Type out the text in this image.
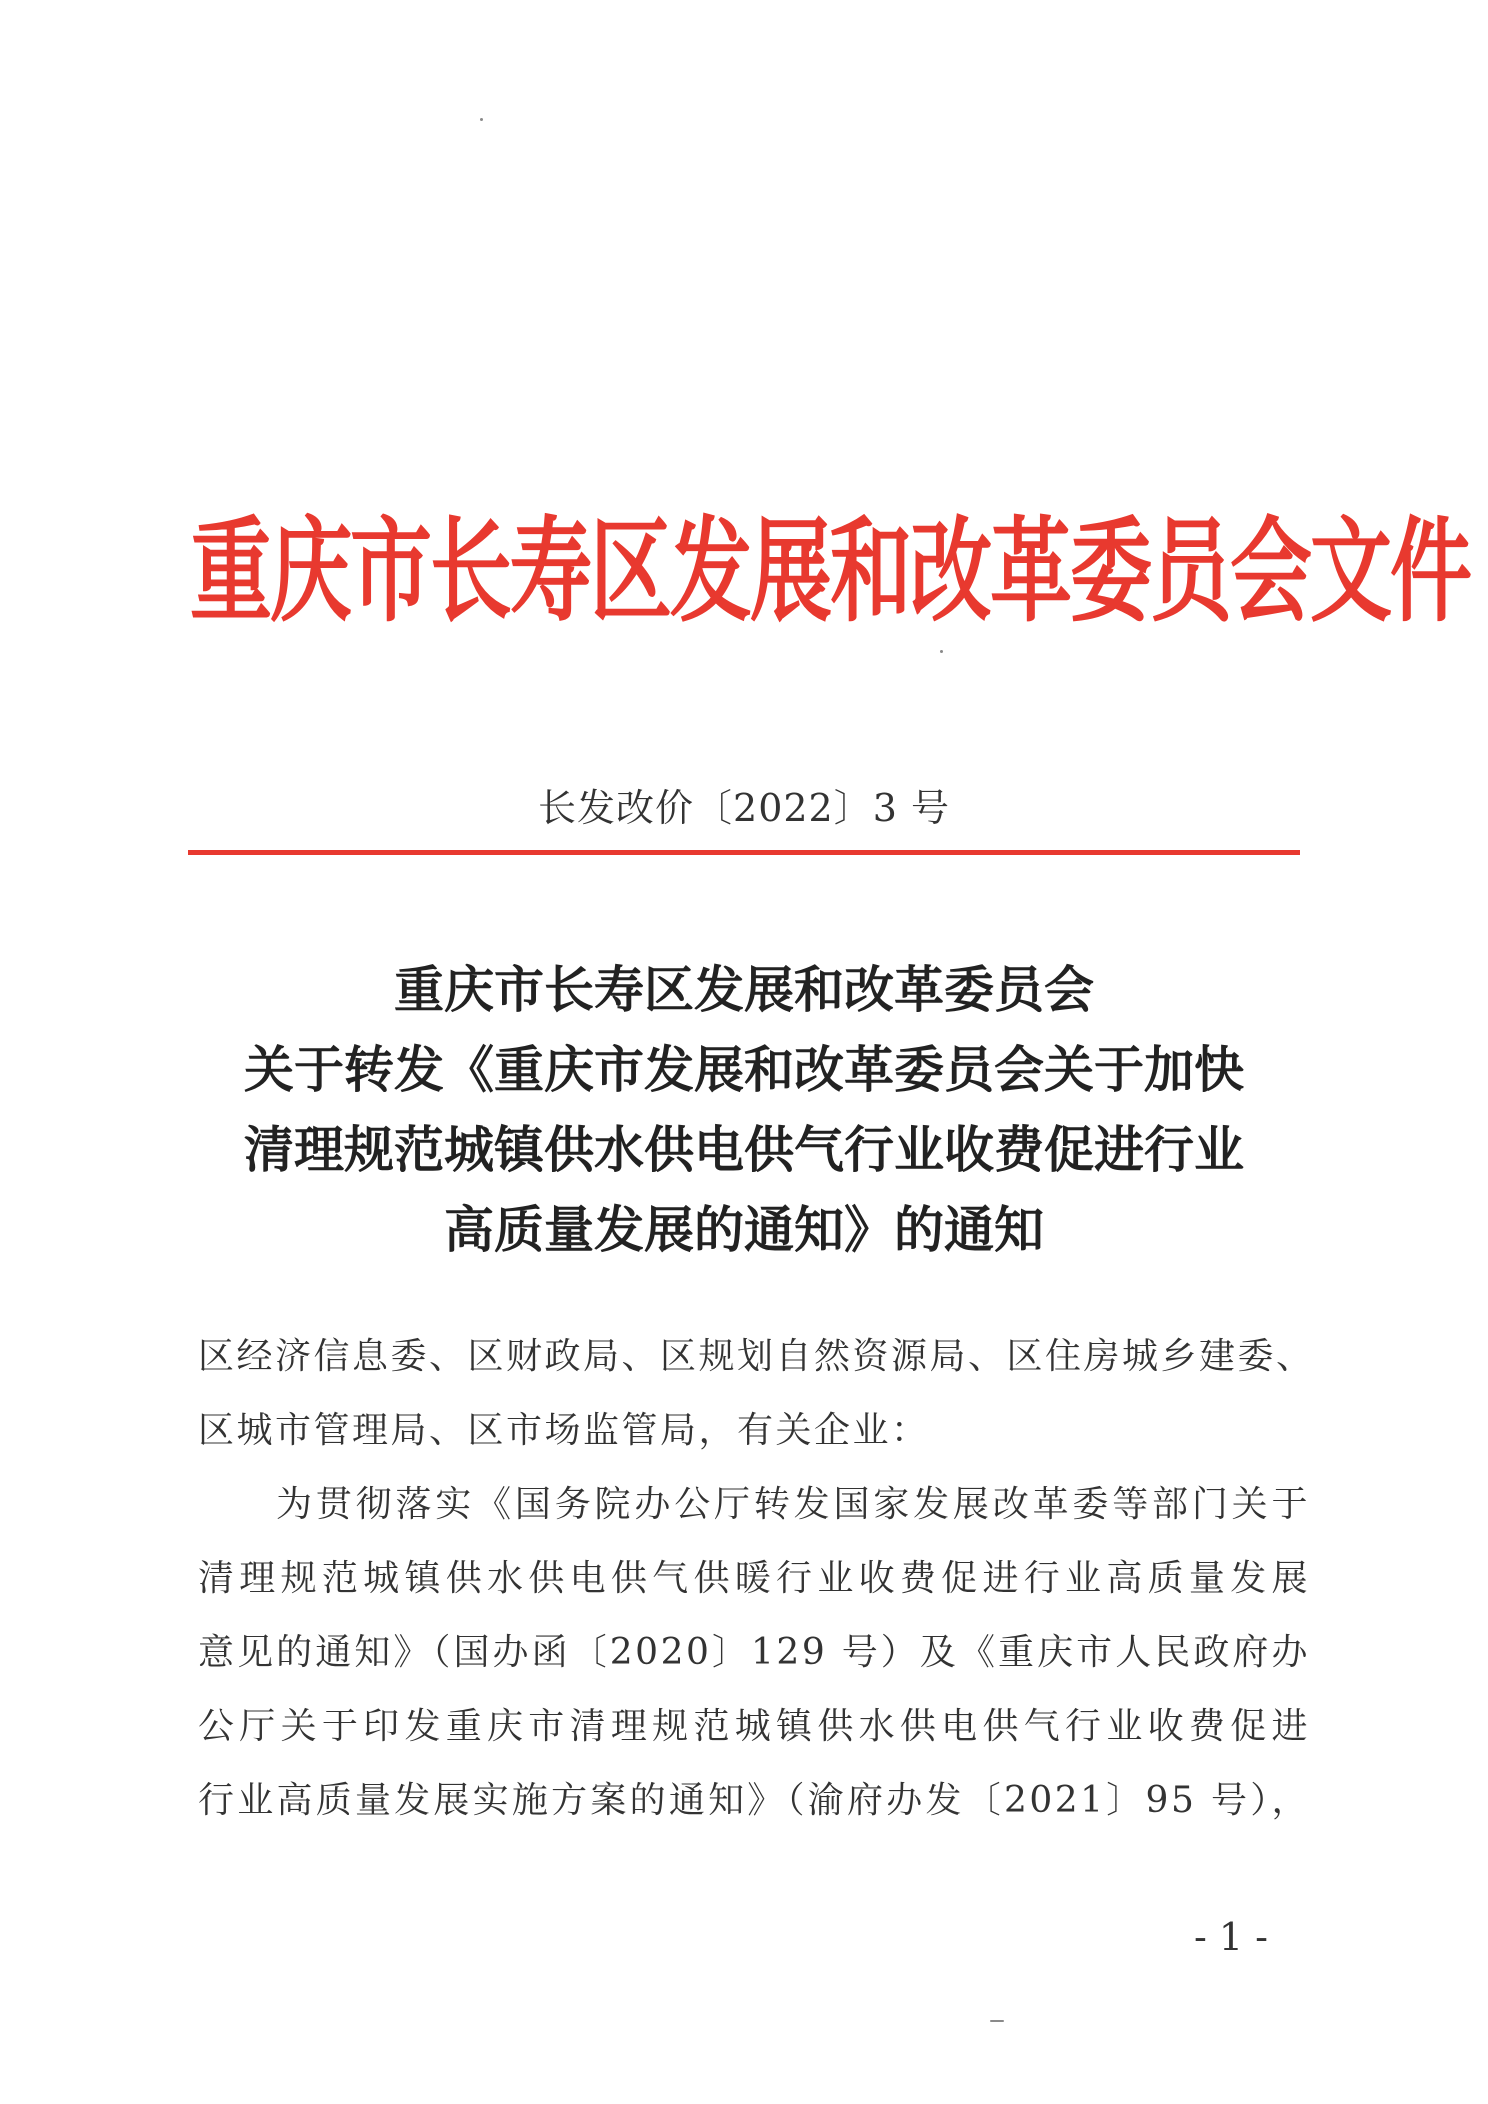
重庆市长寿区发展和改革委员会文件
长发改价〔2022〕3 号
重庆市长寿区发展和改革委员会
关于转发《重庆市发展和改革委员会关于加快
清理规范城镇供水供电供气行业收费促进行业
高质量发展的通知》的通知
区经济信息委、区财政局、区规划自然资源局、区住房城乡建委、
区城市管理局、区市场监管局，有关企业：
为贯彻落实《国务院办公厅转发国家发展改革委等部门关于
清理规范城镇供水供电供气供暖行业收费促进行业高质量发展
意见的通知》（国办函〔2020〕129 号）及《重庆市人民政府办
公厅关于印发重庆市清理规范城镇供水供电供气行业收费促进
行业高质量发展实施方案的通知》（渝府办发〔2021〕95 号），
- 1 -
